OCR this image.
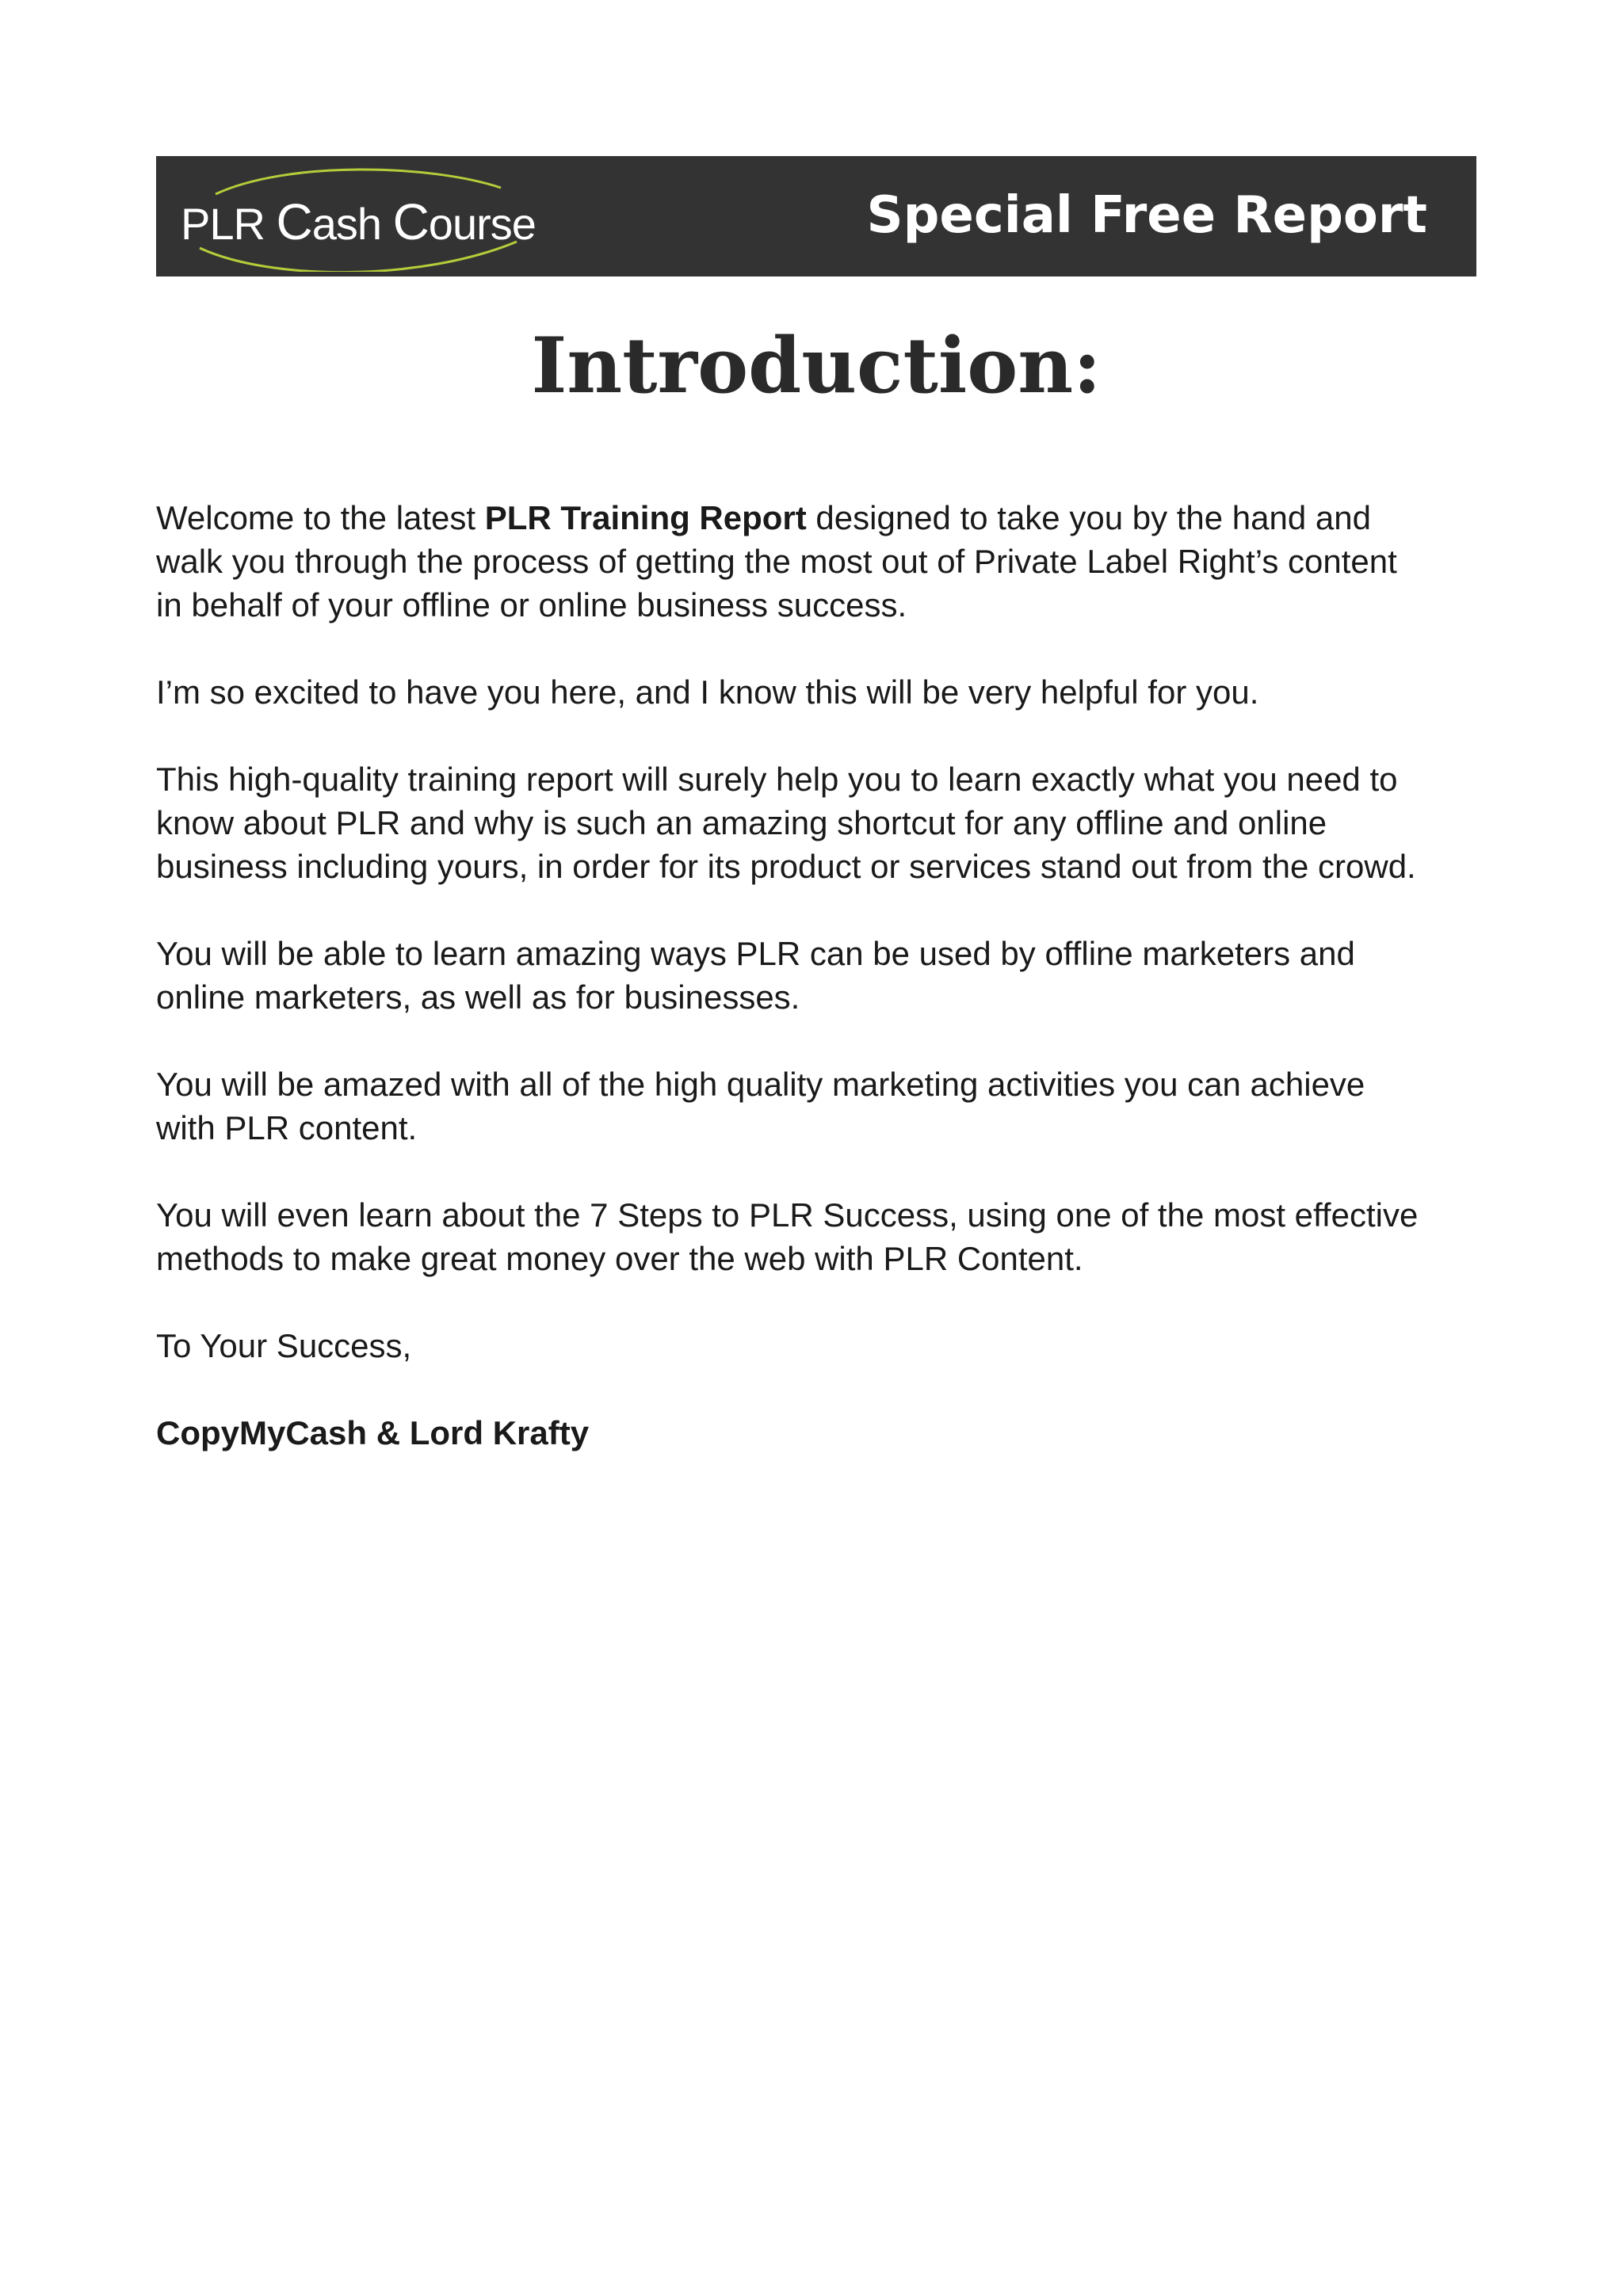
PLR Cash Course	Special Free Report
Introduction:

Welcome to the latest PLR Training Report designed to take you by the hand and walk you through the process of getting the most out of Private Label Right’s content in behalf of your offline or online business success.

I’m so excited to have you here, and I know this will be very helpful for you.

This high-quality training report will surely help you to learn exactly what you need to know about PLR and why is such an amazing shortcut for any offline and online business including yours, in order for its product or services stand out from the crowd.

You will be able to learn amazing ways PLR can be used by offline marketers and online marketers, as well as for businesses.

You will be amazed with all of the high quality marketing activities you can achieve with PLR content.

You will even learn about the 7 Steps to PLR Success, using one of the most effective methods to make great money over the web with PLR Content.

To Your Success,

CopyMyCash & Lord Krafty
